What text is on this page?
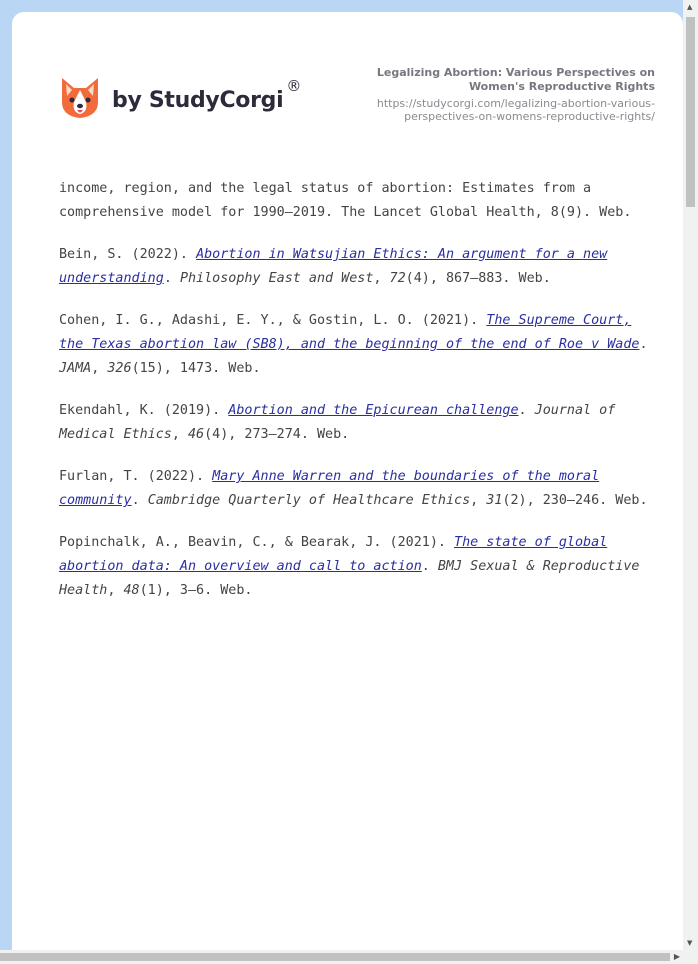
by StudyCorgi
®
Legalizing Abortion: Various Perspectives on Women's Reproductive Rights
https://studycorgi.com/legalizing-abortion-various-perspectives-on-womens-reproductive-rights/

income, region, and the legal status of abortion: Estimates from a comprehensive model for 1990–2019. The Lancet Global Health, 8(9). Web.

Bein, S. (2022). Abortion in Watsujian Ethics: An argument for a new understanding. Philosophy East and West, 72(4), 867–883. Web.

Cohen, I. G., Adashi, E. Y., & Gostin, L. O. (2021). The Supreme Court, the Texas abortion law (SB8), and the beginning of the end of Roe v Wade. JAMA, 326(15), 1473. Web.

Ekendahl, K. (2019). Abortion and the Epicurean challenge. Journal of Medical Ethics, 46(4), 273–274. Web.

Furlan, T. (2022). Mary Anne Warren and the boundaries of the moral community. Cambridge Quarterly of Healthcare Ethics, 31(2), 230–246. Web.

Popinchalk, A., Beavin, C., & Bearak, J. (2021). The state of global abortion data: An overview and call to action. BMJ Sexual & Reproductive Health, 48(1), 3–6. Web.

▲
▼
▶
